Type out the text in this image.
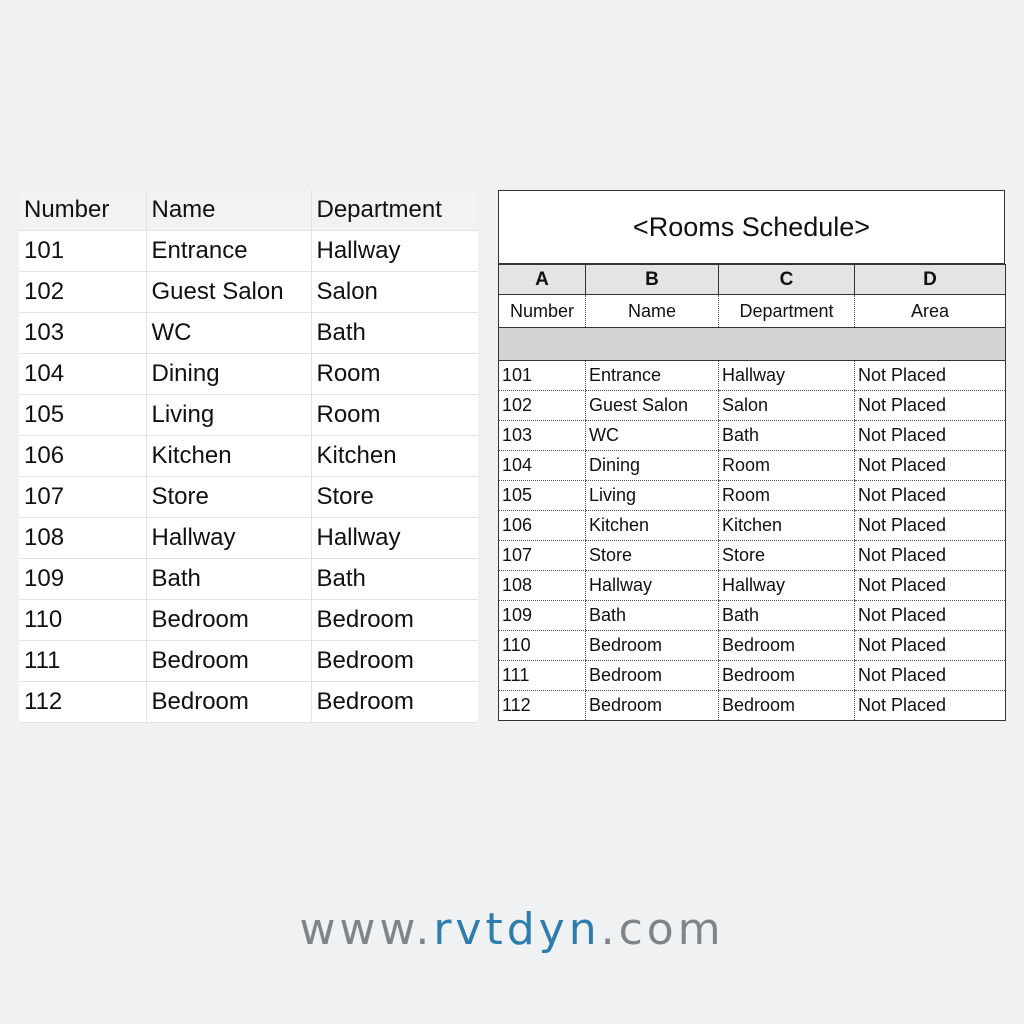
Number	Name	Department
101	Entrance	Hallway
102	Guest Salon	Salon
103	WC	Bath
104	Dining	Room
105	Living	Room
106	Kitchen	Kitchen
107	Store	Store
108	Hallway	Hallway
109	Bath	Bath
110	Bedroom	Bedroom
111	Bedroom	Bedroom
112	Bedroom	Bedroom
<Rooms Schedule>
A	B	C	D
Number	Name	Department	Area

101	Entrance	Hallway	Not Placed
102	Guest Salon	Salon	Not Placed
103	WC	Bath	Not Placed
104	Dining	Room	Not Placed
105	Living	Room	Not Placed
106	Kitchen	Kitchen	Not Placed
107	Store	Store	Not Placed
108	Hallway	Hallway	Not Placed
109	Bath	Bath	Not Placed
110	Bedroom	Bedroom	Not Placed
111	Bedroom	Bedroom	Not Placed
112	Bedroom	Bedroom	Not Placed
www.rvtdyn.com
